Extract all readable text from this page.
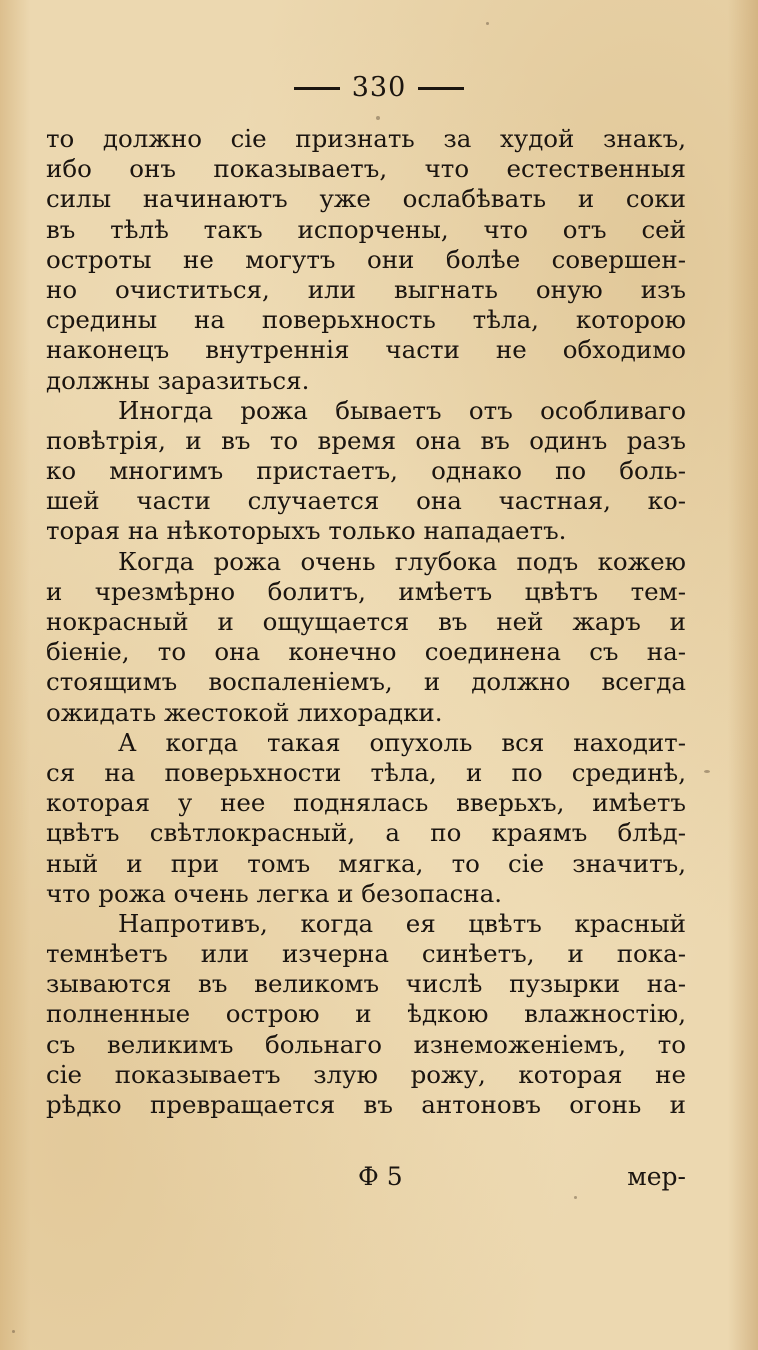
330
то должно сіе признать за худой знакъ,
ибо онъ показываетъ, что естественныя
силы начинаютъ уже ослабѣвать и соки
въ тѣлѣ такъ испорчены, что отъ сей
острoты не могутъ они болѣе совершен-
но очиститься, или выгнать оную изъ
средины на поверьхность тѣла, которою
наконецъ внутреннія части не обходимо
должны заразиться.
Иногда рожа бываетъ отъ особливаго
повѣтрія, и въ то время она въ одинъ разъ
ко многимъ пристаетъ, однако по боль-
шей части случается она частная, ко-
торая на нѣкоторыхъ только нападаетъ.
Когда рожа очень глубока подъ кожею
и чрезмѣрно болитъ, имѣетъ цвѣтъ тем-
нокрасный и ощущается въ ней жаръ и
біеніе, то она конечно соединена съ на-
стоящимъ воспаленіемъ, и должно всегда
ожидать жестокой лихорадки.
А когда такая опухоль вся находит-
ся на поверьхности тѣла, и по срединѣ,
которая у нее поднялась вверьхъ, имѣетъ
цвѣтъ свѣтлокрасный, а по краямъ блѣд-
ный и при томъ мягка, то сіе значитъ,
что рожа очень легка и безопасна.
Напротивъ, когда ея цвѣтъ красный
темнѣетъ или изчерна синѣетъ, и пока-
зываются въ великомъ числѣ пузырки на-
полненные острою и ѣдкою влажностію,
съ великимъ больнаго изнеможеніемъ, то
сіе показываетъ злую рожу, которая не
рѣдко превращается въ антоновъ огонь и
Ф 5	мер-
